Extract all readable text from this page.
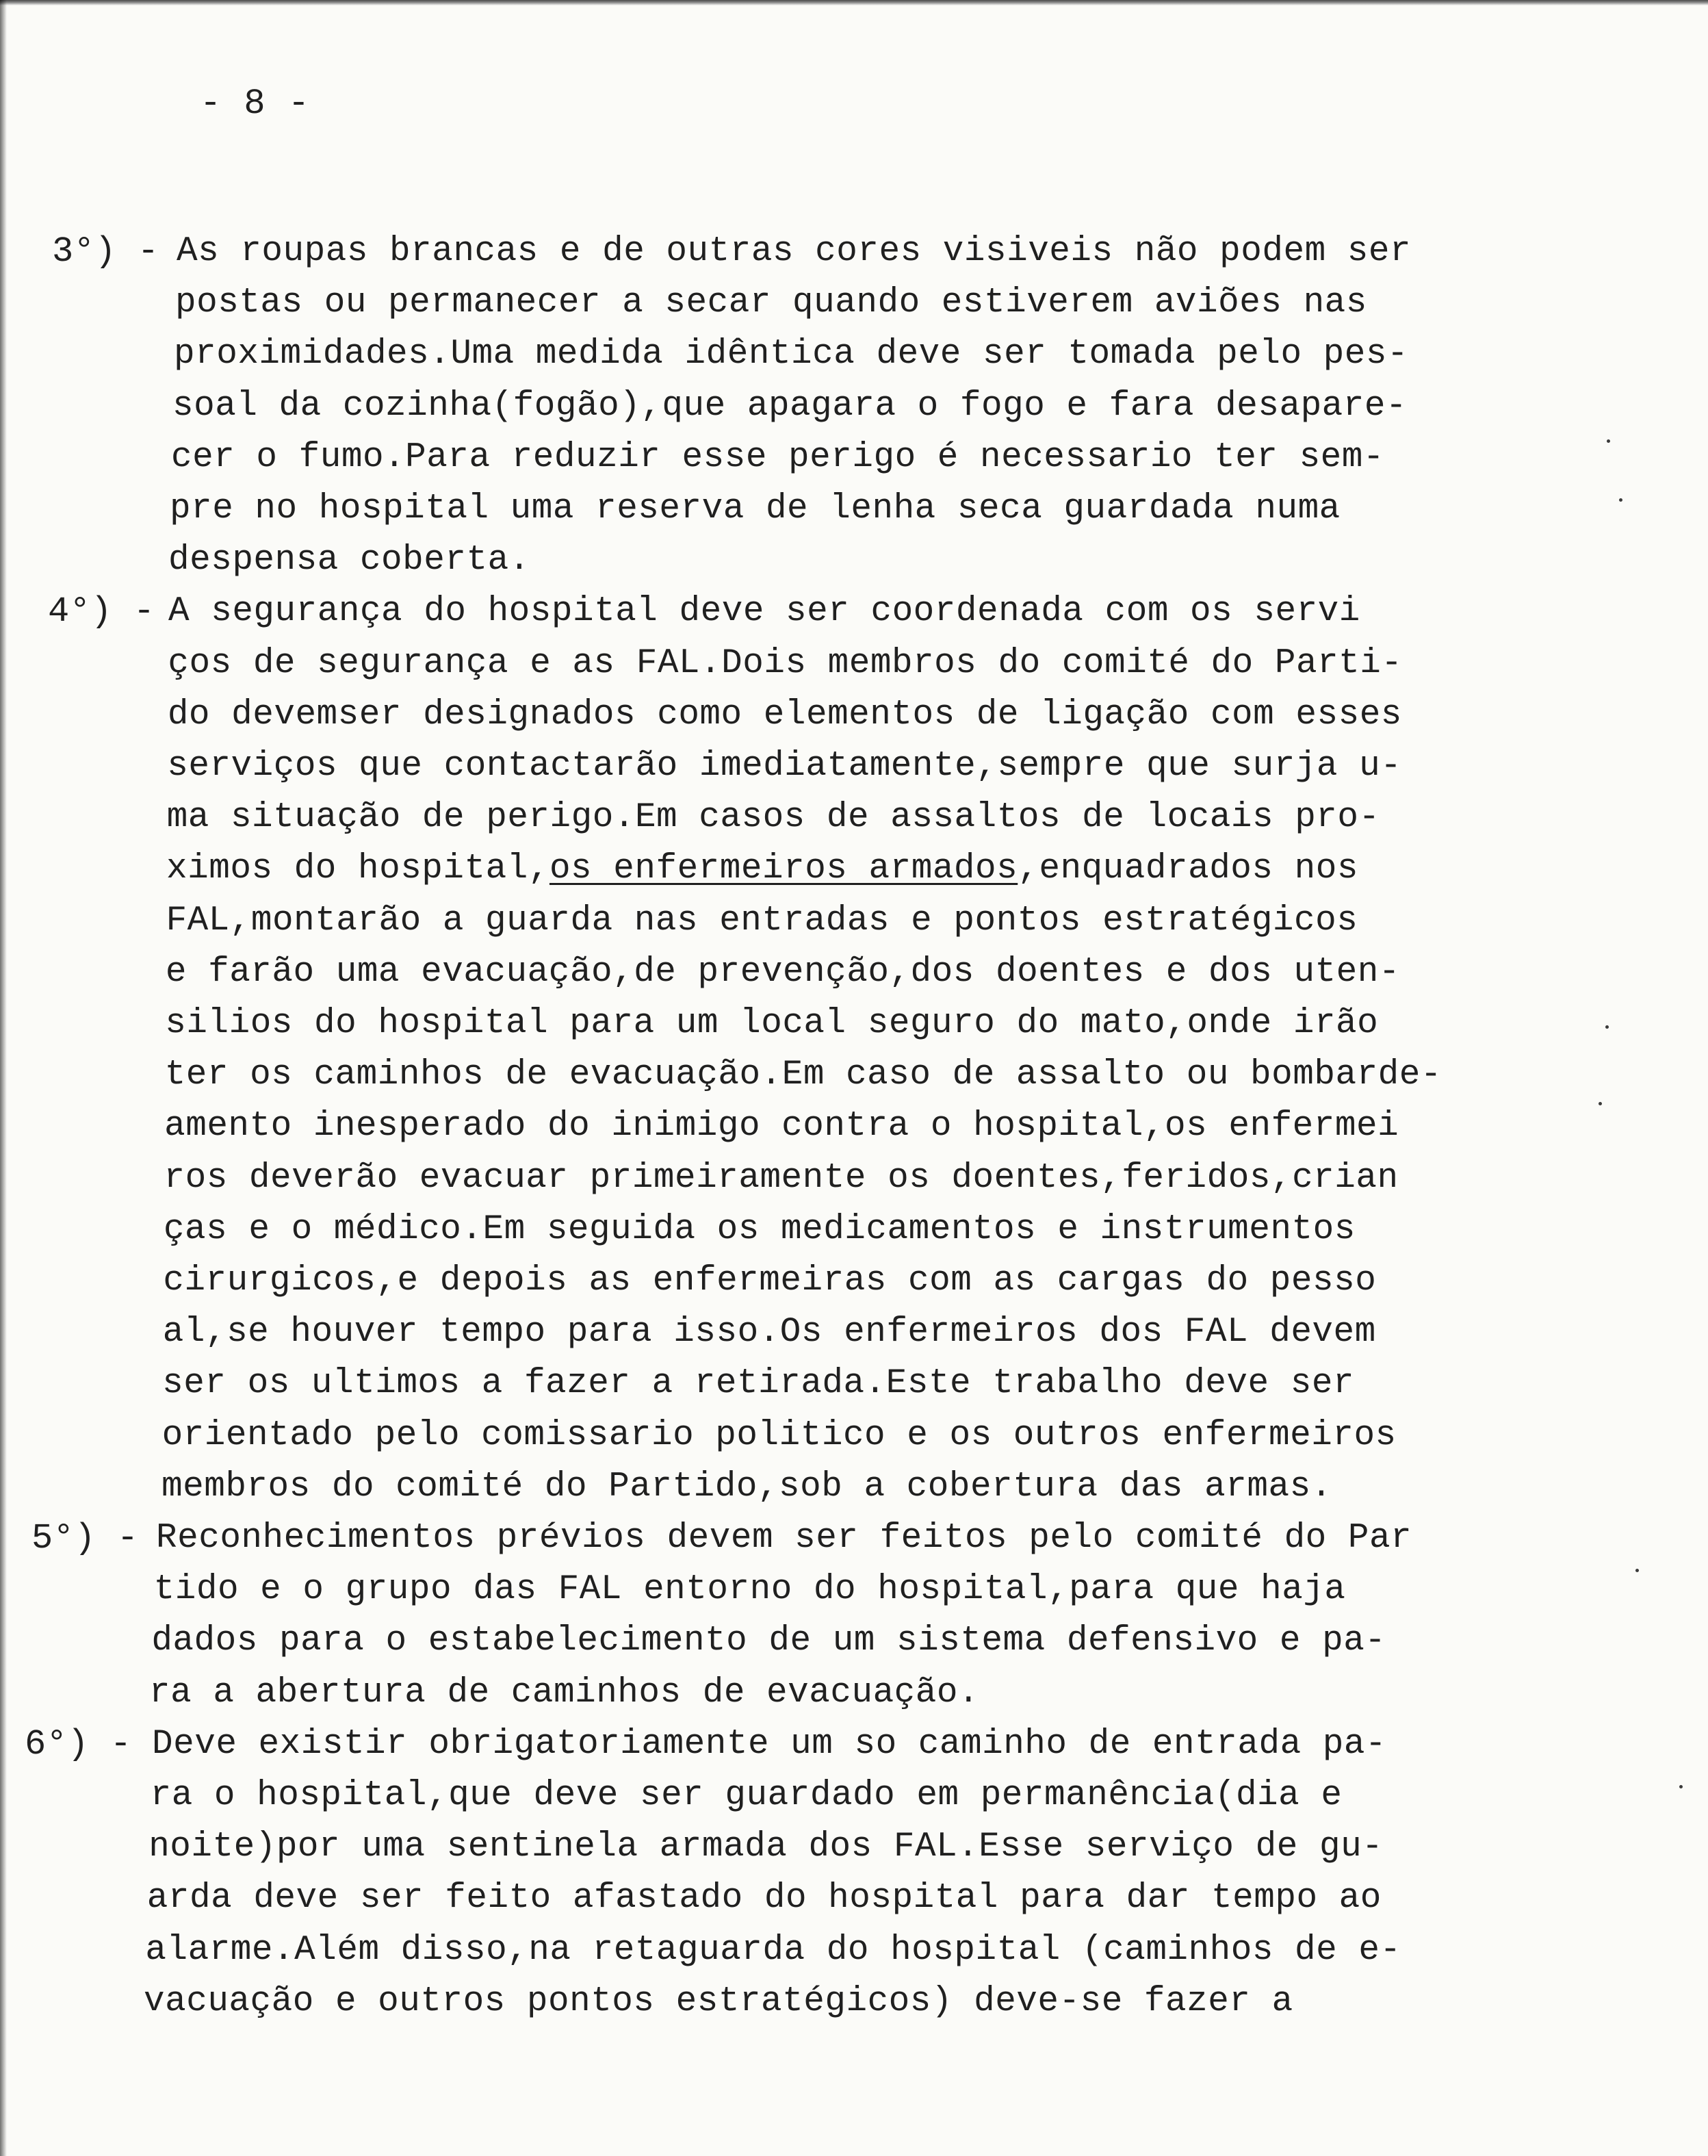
- 8 -
3°) - As roupas brancas e de outras cores visiveis não podem ser
postas ou permanecer a secar quando estiverem aviões nas
proximidades.Uma medida idêntica deve ser tomada pelo pes-
soal da cozinha(fogão),que apagara o fogo e fara desapare-
cer o fumo.Para reduzir esse perigo é necessario ter sem-
pre no hospital uma reserva de lenha seca guardada numa
despensa coberta.
4°) - A segurança do hospital deve ser coordenada com os servi
ços de segurança e as FAL.Dois membros do comité do Parti-
do devemser designados como elementos de ligação com esses
serviços que contactarão imediatamente,sempre que surja u-
ma situação de perigo.Em casos de assaltos de locais pro-
ximos do hospital,os enfermeiros armados,enquadrados nos
FAL,montarão a guarda nas entradas e pontos estratégicos
e farão uma evacuação,de prevenção,dos doentes e dos uten-
silios do hospital para um local seguro do mato,onde irão
ter os caminhos de evacuação.Em caso de assalto ou bombarde-
amento inesperado do inimigo contra o hospital,os enfermei
ros deverão evacuar primeiramente os doentes,feridos,crian
ças e o médico.Em seguida os medicamentos e instrumentos
cirurgicos,e depois as enfermeiras com as cargas do pesso
al,se houver tempo para isso.Os enfermeiros dos FAL devem
ser os ultimos a fazer a retirada.Este trabalho deve ser
orientado pelo comissario politico e os outros enfermeiros
membros do comité do Partido,sob a cobertura das armas.
5°) - Reconhecimentos prévios devem ser feitos pelo comité do Par
tido e o grupo das FAL entorno do hospital,para que haja
dados para o estabelecimento de um sistema defensivo e pa-
ra a abertura de caminhos de evacuação.
6°) - Deve existir obrigatoriamente um so caminho de entrada pa-
ra o hospital,que deve ser guardado em permanência(dia e
noite)por uma sentinela armada dos FAL.Esse serviço de gu-
arda deve ser feito afastado do hospital para dar tempo ao
alarme.Além disso,na retaguarda do hospital (caminhos de e-
vacuação e outros pontos estratégicos) deve-se fazer a
